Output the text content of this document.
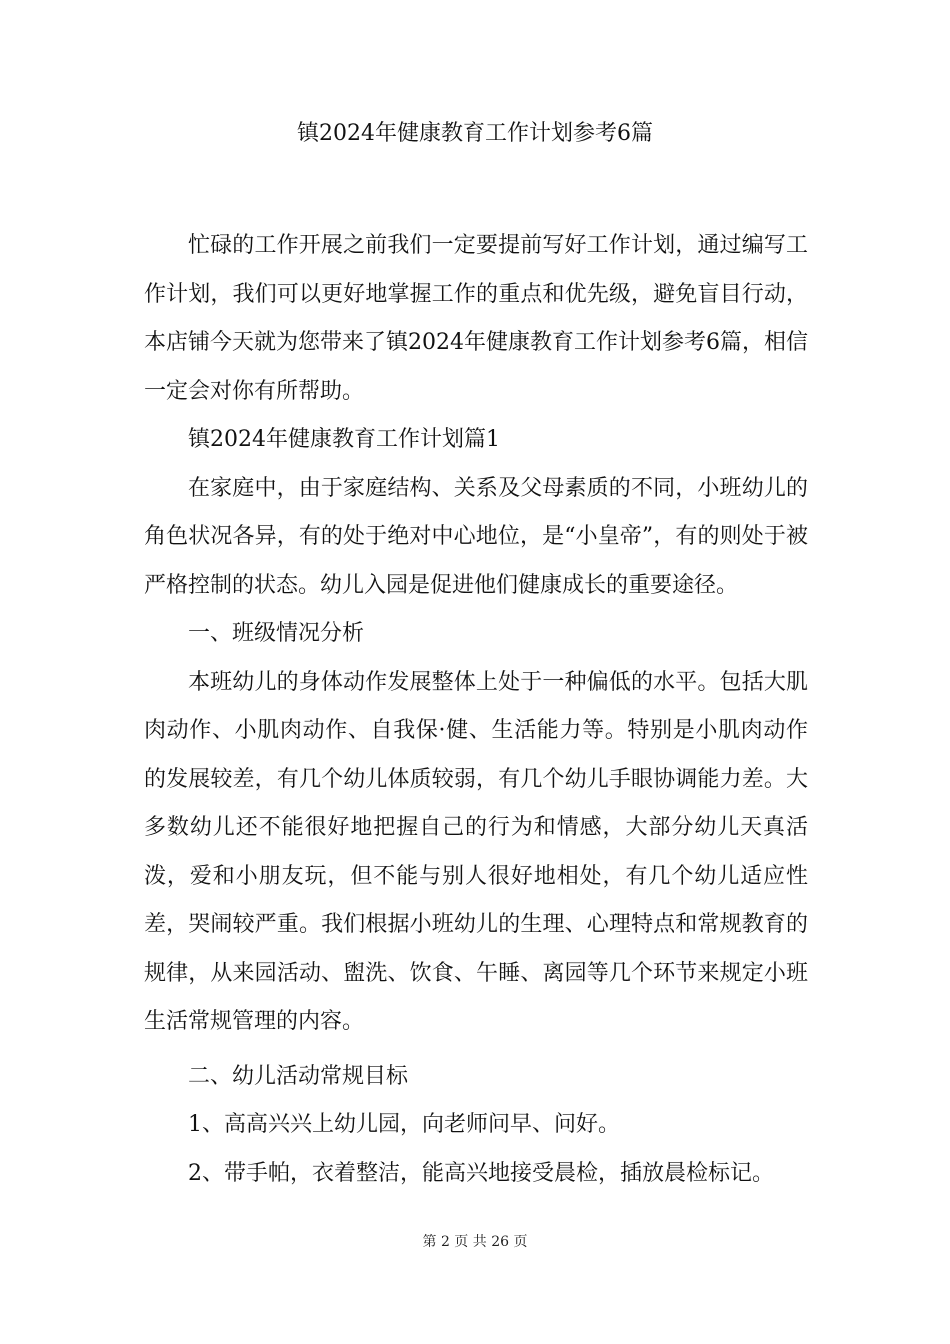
镇2024年健康教育工作计划参考6篇

忙碌的工作开展之前我们一定要提前写好工作计划，通过编写工作计划，我们可以更好地掌握工作的重点和优先级，避免盲目行动，本店铺今天就为您带来了镇2024年健康教育工作计划参考6篇，相信一定会对你有所帮助。

镇2024年健康教育工作计划篇1

在家庭中，由于家庭结构、关系及父母素质的不同，小班幼儿的角色状况各异，有的处于绝对中心地位，是“小皇帝”，有的则处于被严格控制的状态。幼儿入园是促进他们健康成长的重要途径。

一、班级情况分析

本班幼儿的身体动作发展整体上处于一种偏低的水平。包括大肌肉动作、小肌肉动作、自我保·健、生活能力等。特别是小肌肉动作的发展较差，有几个幼儿体质较弱，有几个幼儿手眼协调能力差。大多数幼儿还不能很好地把握自己的行为和情感，大部分幼儿天真活泼，爱和小朋友玩，但不能与别人很好地相处，有几个幼儿适应性差，哭闹较严重。我们根据小班幼儿的生理、心理特点和常规教育的规律，从来园活动、盥洗、饮食、午睡、离园等几个环节来规定小班生活常规管理的内容。

二、幼儿活动常规目标

1、高高兴兴上幼儿园，向老师问早、问好。

2、带手帕，衣着整洁，能高兴地接受晨检，插放晨检标记。

第 2 页 共 26 页
